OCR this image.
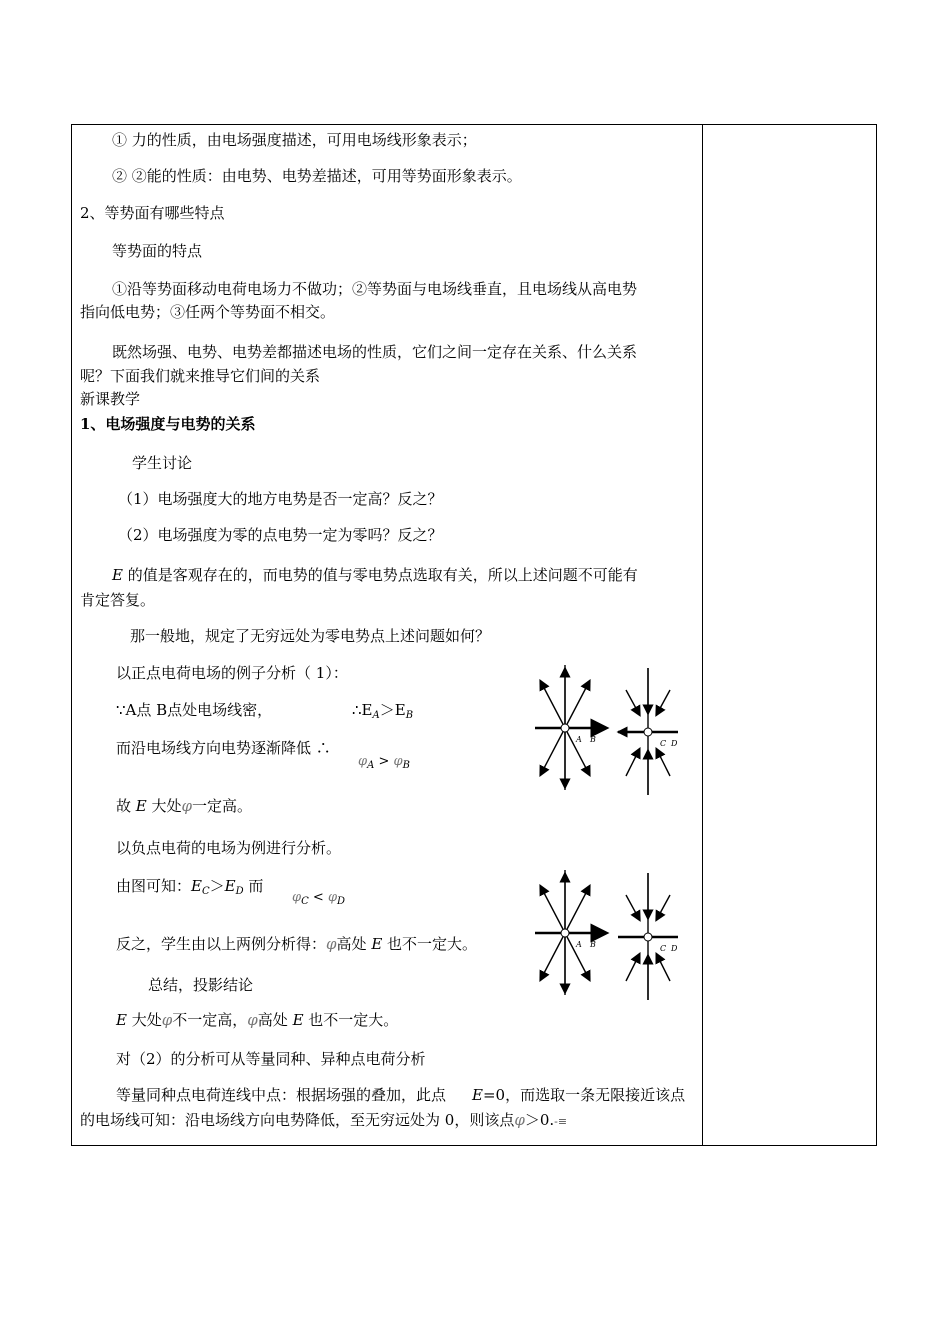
① 力的性质，由电场强度描述，可用电场线形象表示；
② ②能的性质：由电势、电势差描述，可用等势面形象表示。
2、等势面有哪些特点
等势面的特点
①沿等势面移动电荷电场力不做功；②等势面与电场线垂直，且电场线从高电势
指向低电势；③任两个等势面不相交。
既然场强、电势、电势差都描述电场的性质，它们之间一定存在关系、什么关系
呢？下面我们就来推导它们间的关系
新课教学
1、电场强度与电势的关系
学生讨论
（1）电场强度大的地方电势是否一定高？反之？
（2）电场强度为零的点电势一定为零吗？反之？
E 的值是客观存在的，而电势的值与零电势点选取有关，所以上述问题不可能有
肯定答复。
那一般地，规定了无穷远处为零电势点上述问题如何？
以正点电荷电场的例子分析（ 1）：
∵A点 B点处电场线密，	$\therefore E_A>E_B$
而沿电场线方向电势逐渐降低 ∴
$\varphi_A > \varphi_B$
故 E 大处φ一定高。
以负点电荷的电场为例进行分析。
由图可知：$E_C>E_D$ 而
$\varphi_C < \varphi_D$
反之，学生由以上两例分析得：φ高处 E 也不一定大。
总结，投影结论
E 大处φ不一定高，φ高处 E 也不一定大。
对（2）的分析可从等量同种、异种点电荷分析
等量同种点电荷连线中点：根据场强的叠加，此点 E=0，而选取一条无限接近该点
的电场线可知：沿电场线方向电势降低，至无穷远处为 0，则该点φ＞0.-≡
A B	C D
A B	C D
